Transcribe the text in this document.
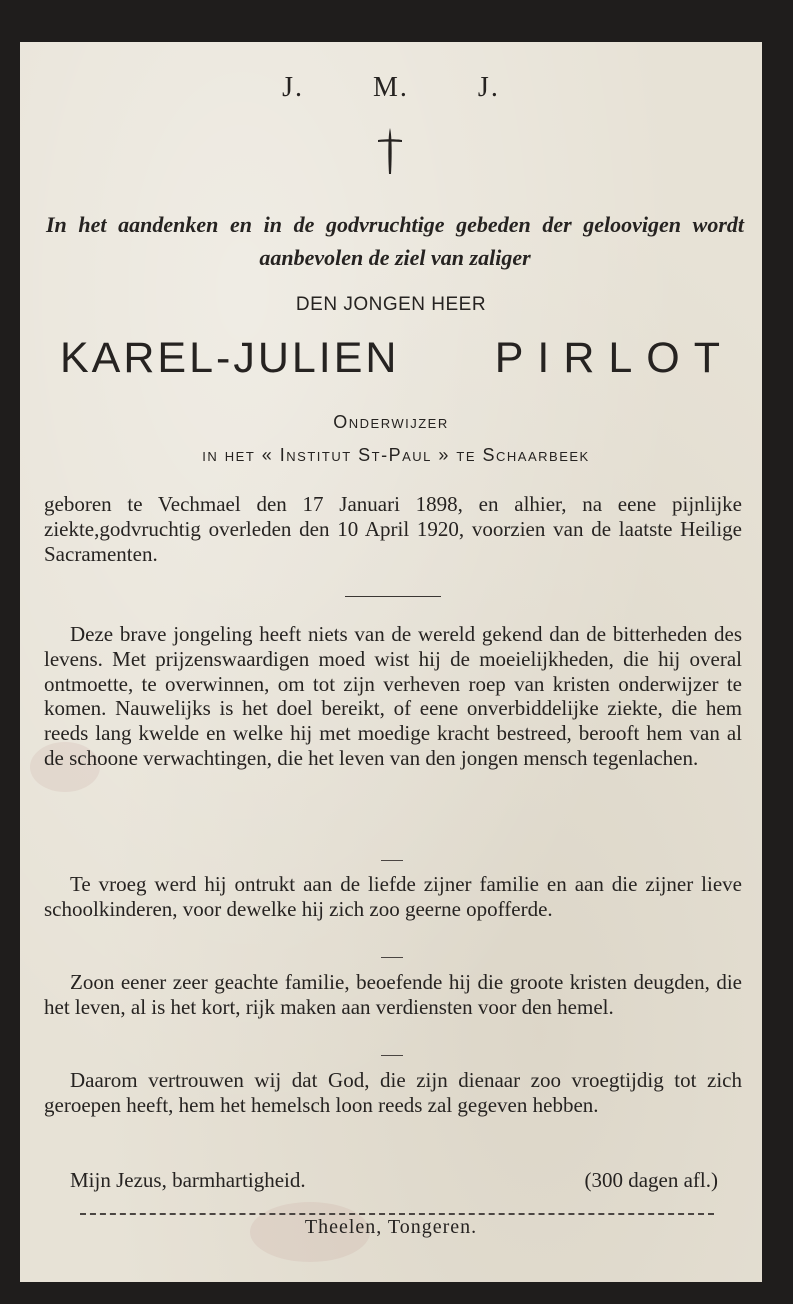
J. M. J.
In het aandenken en in de godvruchtige gebeden der geloovigen wordt aanbevolen de ziel van zaliger
DEN JONGEN HEER
KAREL-JULIEN PIRLOT
Onderwijzer
in het « Institut St-Paul » te Schaarbeek

geboren te Vechmael den 17 Januari 1898, en alhier, na eene pijnlijke ziekte,godvruchtig overleden den 10 April 1920, voorzien van de laatste Heilige Sacramenten.

Deze brave jongeling heeft niets van de wereld gekend dan de bitterheden des levens. Met prijzenswaardigen moed wist hij de moeielijkheden, die hij overal ontmoette, te overwinnen, om tot zijn verheven roep van kristen onderwijzer te komen. Nauwelijks is het doel bereikt, of eene onverbiddelijke ziekte, die hem reeds lang kwelde en welke hij met moedige kracht bestreed, berooft hem van al de schoone verwachtingen, die het leven van den jongen mensch tegenlachen.

Te vroeg werd hij ontrukt aan de liefde zijner familie en aan die zijner lieve schoolkinderen, voor dewelke hij zich zoo geerne opofferde.

Zoon eener zeer geachte familie, beoefende hij die groote kristen deugden, die het leven, al is het kort, rijk maken aan verdiensten voor den hemel.

Daarom vertrouwen wij dat God, die zijn dienaar zoo vroegtijdig tot zich geroepen heeft, hem het hemelsch loon reeds zal gegeven hebben.

Mijn Jezus, barmhartigheid.	(300 dagen afl.)
Theelen, Tongeren.
